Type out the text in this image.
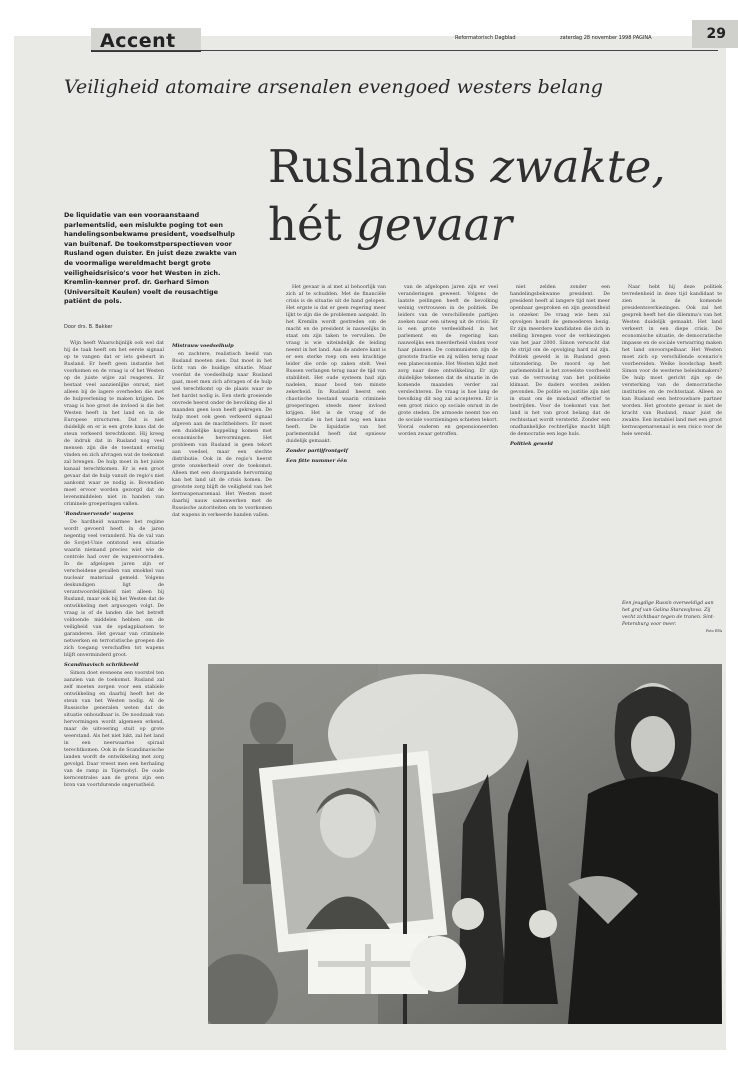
Accent	Reformatorisch Dagblad	zaterdag 28 november 1998 PAGINA	29
Veiligheid atomaire arsenalen evengoed westers belang
Ruslands zwakte,
hét gevaar
De liquidatie van een vooraanstaand parlementslid, een mislukte poging tot een handelingsonbekwame president, voedselhulp van buitenaf. De toekomstperspectieven voor Rusland ogen duister. En juist deze zwakte van de voormalige wereldmacht bergt grote veiligheidsrisico's voor het Westen in zich. Kremlin-kenner prof. dr. Gerhard Simon (Universiteit Keulen) voelt de reusachtige patiënt de pols.
Door drs. B. Bakker

Wijn heeft Waarschijnlijk ook wel dat hij de taak heeft om het eerste signaal op te vangen dat er iets gebeurt in Rusland. Er heeft geen instantie het voorkomen en de vraag is of het Westen op de juiste wijze zal reageren. Er bestaat veel aanzienlijke onrust, niet alleen bij de lagere overheden die met de hulpverlening te maken krijgen. De vraag is hoe groot de invloed is die het Westen heeft in het land en in de Europese structuren. Dat is niet duidelijk en er is een grote kans dat de steun verkeerd terechtkomt. Hij kreeg de indruk dat in Rusland nog veel mensen zijn die de toestand ernstig vinden en zich afvragen wat de toekomst zal brengen. De hulp moet in het juiste kanaal terechtkomen. Er is een groot gevaar dat de hulp vanuit de regio's niet aankomt waar ze nodig is. Bovendien moet ervoor worden gezorgd dat de levensmiddelen niet in handen van criminele groeperingen vallen.

'Rondzwervende' wapens

De hardheid waarmee het regime wordt gevoerd heeft in de jaren negentig veel veranderd. Na de val van de Sovjet-Unie ontstond een situatie waarin niemand precies wist wie de controle had over de wapenvoorraden. In de afgelopen jaren zijn er verscheidene gevallen van smokkel van nucleair materiaal gemeld. Volgens deskundigen ligt de verantwoordelijkheid niet alleen bij Rusland, maar ook bij het Westen dat de ontwikkeling met argusogen volgt. De vraag is of de landen die het betreft voldoende middelen hebben om de veiligheid van de opslagplaatsen te garanderen. Het gevaar van criminele netwerken en terroristische groepen die zich toegang verschaffen tot wapens blijft onverminderd groot.

Scandinavisch schrikbeeld

Simon doet eveneens een voorstel ten aanzien van de toekomst. Rusland zal zelf moeten zorgen voor een stabiele ontwikkeling en daarbij heeft het de steun van het Westen nodig. Al de Russische generalen weten dat de situatie onhoudbaar is. De noodzaak van hervormingen wordt algemeen erkend, maar de uitvoering stuit op grote weerstand. Als het niet lukt, zal het land in een neerwaartse spiraal terechtkomen. Ook in de Scandinavische landen wordt de ontwikkeling met zorg gevolgd. Daar vreest men een herhaling van de ramp in Tsjernobyl. De oude kerncentrales aan de grens zijn een bron van voortdurende ongerustheid.

Mistrauw voedselhulp

en zachtere, realistisch beeld van Rusland moeten zien. Dat moet in het licht van de huidige situatie. Maar voordat de voedselhulp naar Rusland gaat, moet men zich afvragen of de hulp wel terechtkomt op de plaats waar ze het hardst nodig is. Een sterk groeiende onvrede heerst onder de bevolking die al maanden geen loon heeft gekregen. De hulp moet ook geen verkeerd signaal afgeven aan de machthebbers. Er moet een duidelijke koppeling komen met economische hervormingen. Het probleem van Rusland is geen tekort aan voedsel, maar een slechte distributie. Ook in de regio's heerst grote onzekerheid over de toekomst. Alleen met een doorgaande hervorming kan het land uit de crisis komen. De grootste zorg blijft de veiligheid van het kernwapenarsenaal. Het Westen moet daarbij nauw samenwerken met de Russische autoriteiten om te voorkomen dat wapens in verkeerde handen vallen.

Het gevaar is al met al behoorlijk van zich af te schudden. Met de financiële crisis is de situatie uit de hand gelopen. Het ergste is dat er geen regering meer lijkt te zijn die de problemen aanpakt. In het Kremlin wordt gestreden om de macht en de president is nauwelijks in staat om zijn taken te vervullen. De vraag is wie uiteindelijk de leiding neemt in het land. Aan de andere kant is er een sterke roep om een krachtige leider die orde op zaken stelt. Veel Russen verlangen terug naar de tijd van stabiliteit. Het oude systeem had zijn nadelen, maar bood ten minste zekerheid. In Rusland heerst een chaotische toestand waarin criminele groeperingen steeds meer invloed krijgen. Het is de vraag of de democratie in het land nog een kans heeft. De liquidatie van het parlementslid heeft dat opnieuw duidelijk gemaakt.

Zonder partijfrontgelf

Een fitte nummer één

van de afgelopen jaren zijn er veel veranderingen geweest. Volgens de laatste peilingen heeft de bevolking weinig vertrouwen in de politiek. De leiders van de verschillende partijen zoeken naar een uitweg uit de crisis. Er is een grote verdeeldheid in het parlement en de regering kan nauwelijks een meerderheid vinden voor haar plannen. De communisten zijn de grootste fractie en zij willen terug naar een planeconomie. Het Westen kijkt met zorg naar deze ontwikkeling. Er zijn duidelijke tekenen dat de situatie in de komende maanden verder zal verslechteren. De vraag is hoe lang de bevolking dit nog zal accepteren. Er is een groot risico op sociale onrust in de grote steden. De armoede neemt toe en de sociale voorzieningen schieten tekort. Vooral ouderen en gepensioneerden worden zwaar getroffen.

niet zelden zonder een handelingsbekwame president. De president heeft al langere tijd niet meer openbaar gesproken en zijn gezondheid is onzeker. De vraag wie hem zal opvolgen houdt de gemoederen bezig. Er zijn meerdere kandidaten die zich in stelling brengen voor de verkiezingen van het jaar 2000. Simon verwacht dat de strijd om de opvolging hard zal zijn. Politiek geweld is in Rusland geen uitzondering. De moord op het parlementslid is het zoveelste voorbeeld van de verruwing van het politieke klimaat. De daders worden zelden gevonden. De politie en justitie zijn niet in staat om de misdaad effectief te bestrijden. Voor de toekomst van het land is het van groot belang dat de rechtsstaat wordt versterkt. Zonder een onafhankelijke rechterlijke macht blijft de democratie een lege huls.

Politiek geweld

Naar hebt hij deze politiek tevredenheid in deze tijd kandidaat te zien is de komende presidentsverkiezingen. Ook zal het gesprek heeft het die dilemma's van het Westen duidelijk gemaakt. Het land verkeert in een diepe crisis. De economische situatie, de democratische impasse en de sociale verwarring maken het land onvoorspelbaar. Het Westen moet zich op verschillende scenario's voorbereiden. Welke boodschap heeft Simon voor de westerse beleidsmakers? De hulp moet gericht zijn op de versterking van de democratische instituties en de rechtsstaat. Alleen zo kan Rusland een betrouwbare partner worden. Het grootste gevaar is niet de kracht van Rusland, maar juist de zwakte. Een instabiel land met een groot kernwapenarsenaal is een risico voor de hele wereld.

Een jeugdige Russin overweldigd aan het graf van Galina Staravojtova. Zij vecht zichtbaar tegen de tranen. Sint-Petersburg voor meer.
Foto EPA
